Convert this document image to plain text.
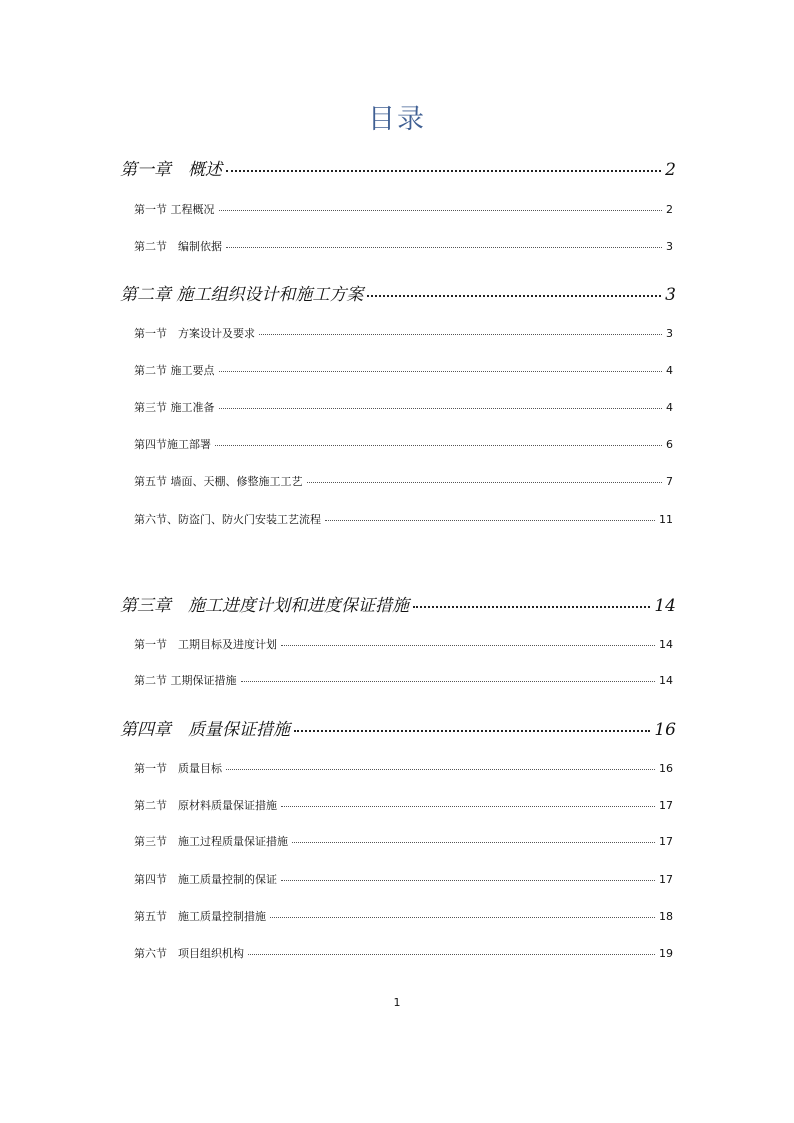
目录
第一章　概述	2
第一节 工程概况	2
第二节　编制依据	3
第二章 施工组织设计和施工方案	3
第一节　方案设计及要求	3
第二节 施工要点	4
第三节 施工准备	4
第四节施工部署	6
第五节 墙面、天棚、修整施工工艺	7
第六节、防盗门、防火门安装工艺流程	11
第三章　施工进度计划和进度保证措施	14
第一节　工期目标及进度计划	14
第二节 工期保证措施	14
第四章　质量保证措施	16
第一节　质量目标	16
第二节　原材料质量保证措施	17
第三节　施工过程质量保证措施	17
第四节　施工质量控制的保证	17
第五节　施工质量控制措施	18
第六节　项目组织机构	19
1
